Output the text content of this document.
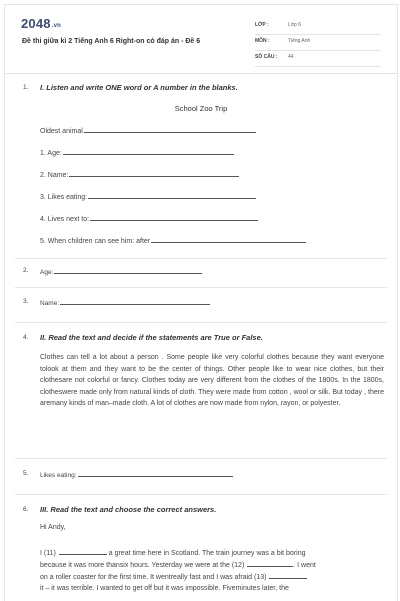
2048.vn
Đề thi giữa kì 2 Tiếng Anh 6 Right-on có đáp án - Đề 6
LỚP :	Lớp 6
MÔN :	Tiếng Anh
SỐ CÂU : 44
1. I. Listen and write ONE word or A number in the blanks.
School Zoo Trip
Oldest animal
1. Age:
2. Name:
3. Likes eating:
4. Lives next to:
5. When children can see him: after
2. Age:
3. Name:
4. II. Read the text and decide if the statements are True or False.

Clothes can tell a lot about a person . Some people like very colorful clothes because they want everyone tolook at them and they want to be the center of things. Other people like to wear nice clothes, but their clothesare not colorful or fancy. Clothes today are very different from the clothes of the 1800s. In the 1800s, clotheswere made only from natural kinds of cloth. They were made from cotton , wool or silk. But today , there aremany kinds of man–made cloth. A lot of clothes are now made from nylon, rayon, or polyester.

5. Likes eating:
6. III. Read the text and choose the correct answers.
Hi Andy,
I (11)	a great time here in Scotland. The train journey was a bit boring
because it was more thansix hours. Yesterday we were at the (12)	. I went
on a roller coaster for the first time. It wentreally fast and I was afraid (13)
it – it was terrible. I wanted to get off but it was impossible. Fiveminutes later, the
